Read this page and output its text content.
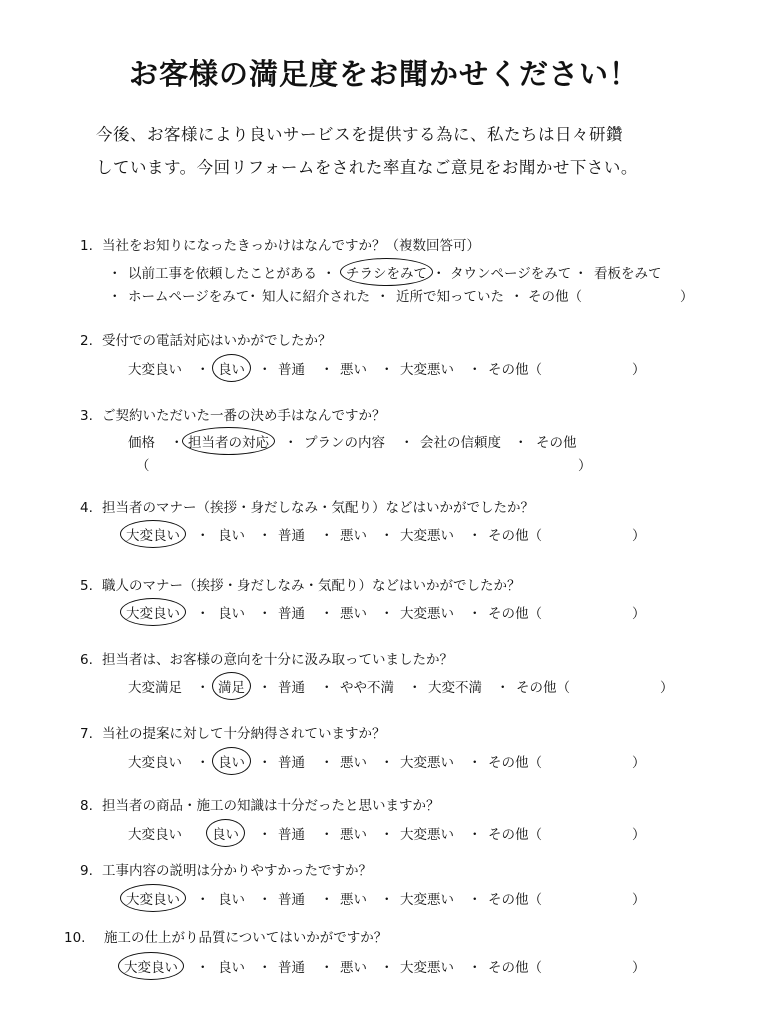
お客様の満足度をお聞かせください！

今後、お客様により良いサービスを提供する為に、私たちは日々研鑽
しています。今回リフォームをされた率直なご意見をお聞かせ下さい。

1. 当社をお知りになったきっかけはなんですか？（複数回答可）
・ 以前工事を依頼したことがある ・ チラシをみて ・ タウンページをみて ・ 看板をみて
・ ホームページをみて
・ 知人に紹介された ・ 近所で知っていた ・ その他（	）
2. 受付での電話対応はいかがでしたか？
大変良い ・ 良い ・ 普通 ・ 悪い ・ 大変悪い ・ その他（	）
3. ご契約いただいた一番の決め手はなんですか？
価格 ・ 担当者の対応 ・ プランの内容 ・ 会社の信頼度 ・ その他
（	）
4. 担当者のマナー（挨拶・身だしなみ・気配り）などはいかがでしたか？
大変良い ・ 良い ・ 普通 ・ 悪い ・ 大変悪い ・ その他（	）
5. 職人のマナー（挨拶・身だしなみ・気配り）などはいかがでしたか？
大変良い ・ 良い ・ 普通 ・ 悪い ・ 大変悪い ・ その他（	）
6. 担当者は、お客様の意向を十分に汲み取っていましたか？
大変満足 ・ 満足 ・ 普通 ・ やや不満 ・ 大変不満 ・ その他（	）
7. 当社の提案に対して十分納得されていますか？
大変良い ・ 良い ・ 普通 ・ 悪い ・ 大変悪い ・ その他（	）
8. 担当者の商品・施工の知識は十分だったと思いますか？
大変良い 良い ・ 普通 ・ 悪い ・ 大変悪い ・ その他（	）
9. 工事内容の説明は分かりやすかったですか？
大変良い ・ 良い ・ 普通 ・ 悪い ・ 大変悪い ・ その他（	）
10. 施工の仕上がり品質についてはいかがですか？
大変良い ・ 良い ・ 普通 ・ 悪い ・ 大変悪い ・ その他（	）
